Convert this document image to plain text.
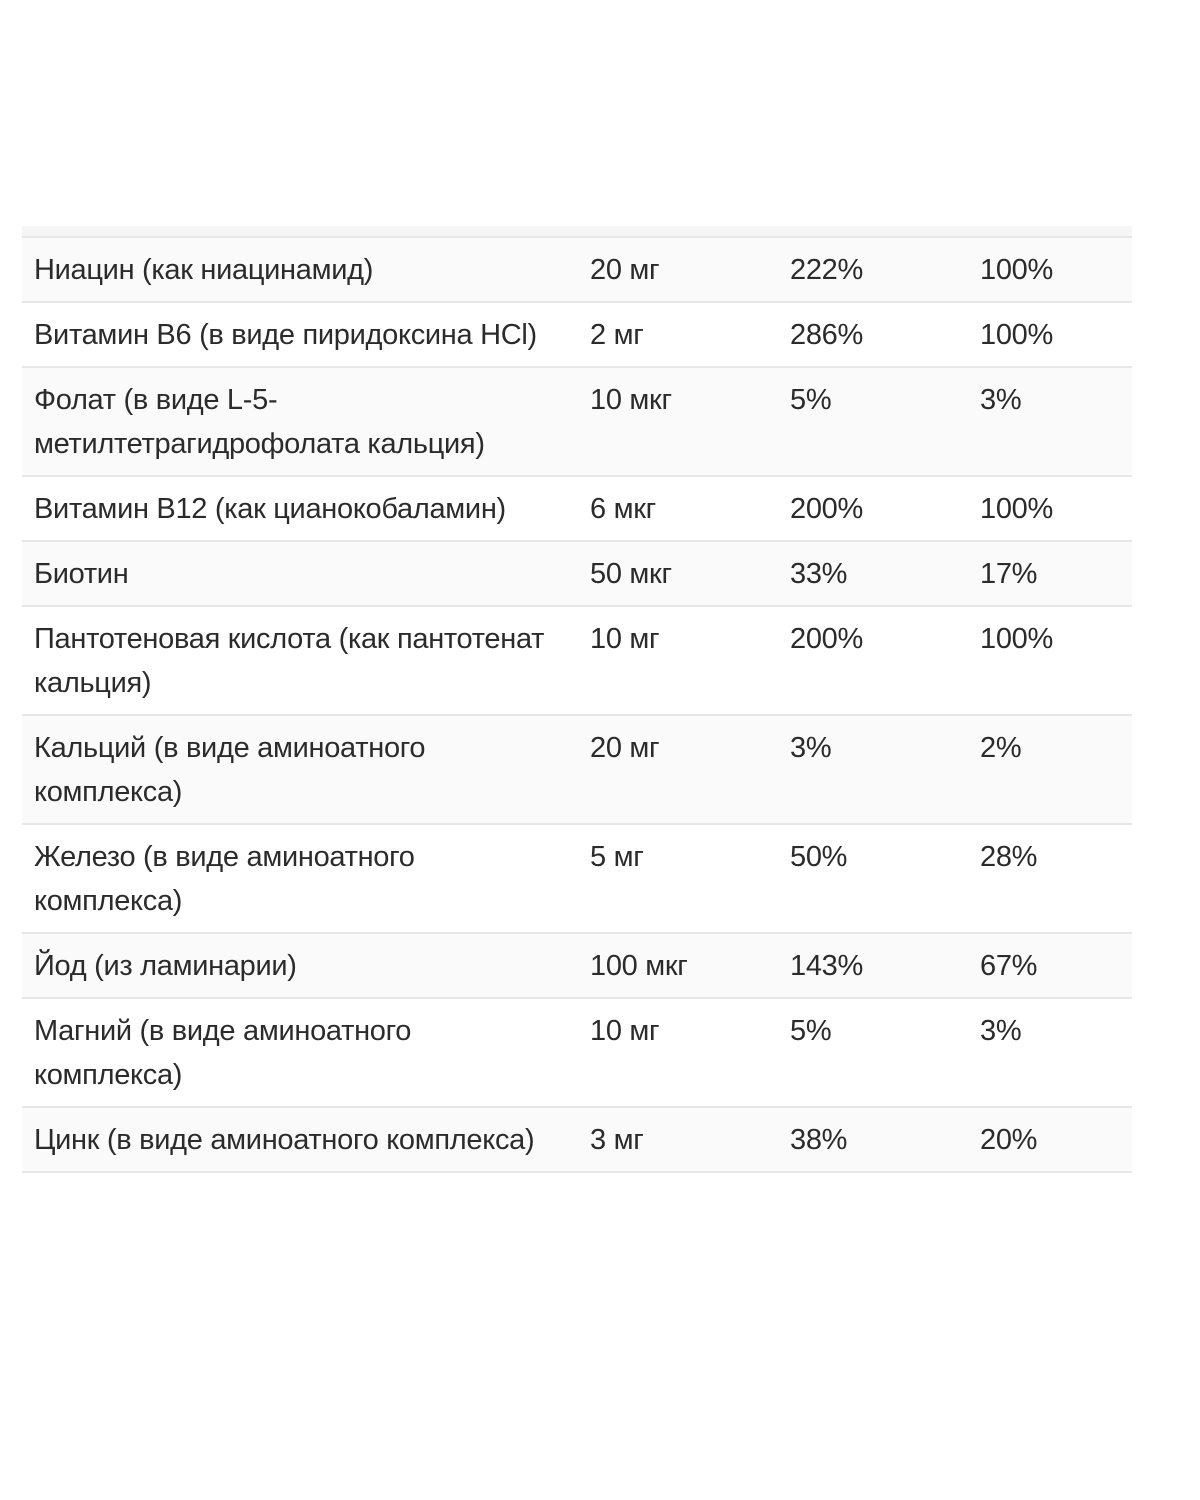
Ниацин (как ниацинамид)	20 мг	222%	100%
Витамин B6 (в виде пиридоксина HCl)	2 мг	286%	100%
Фолат (в виде L-5-метилтетрагидрофолата кальция)	10 мкг	5%	3%
Витамин B12 (как цианокобаламин)	6 мкг	200%	100%
Биотин	50 мкг	33%	17%
Пантотеновая кислота (как пантотенат кальция)	10 мг	200%	100%
Кальций (в виде аминоатного комплекса)	20 мг	3%	2%
Железо (в виде аминоатного комплекса)	5 мг	50%	28%
Йод (из ламинарии)	100 мкг	143%	67%
Магний (в виде аминоатного комплекса)	10 мг	5%	3%
Цинк (в виде аминоатного комплекса)	3 мг	38%	20%
